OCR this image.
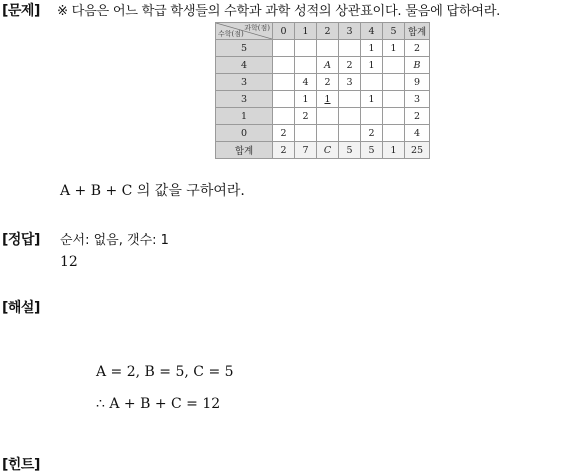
[문제] ※ 다음은 어느 학급 학생들의 수학과 과학 성적의 상관표이다. 물음에 답하여라.
과학(점)
수학(점)	0	1	2	3	4	5	합계
5					1	1	2
4			A	2	1		B
3		4	2	3			9
3		1	1		1		3
1		2					2
0	2				2		4
합계	2	7	C	5	5	1	25
A + B + C 의 값을 구하여라.
[정답] 순서: 없음, 갯수: 1
12
[해설]
A = 2, B = 5, C = 5
∴ A + B + C = 12
[힌트]
